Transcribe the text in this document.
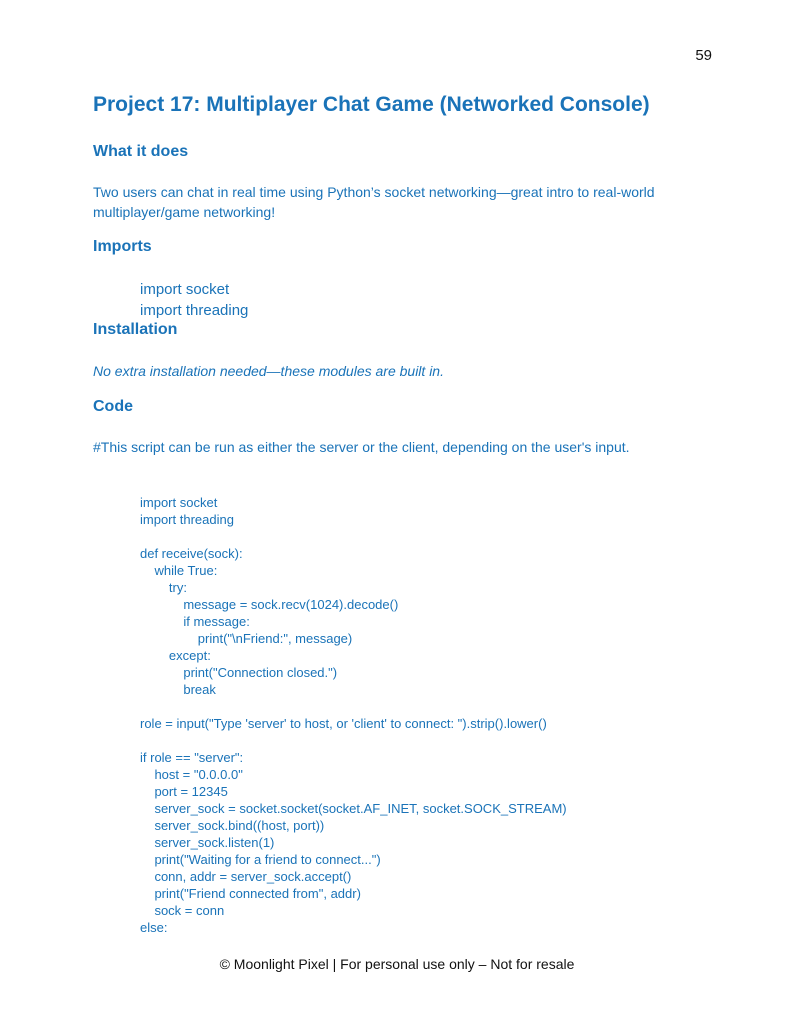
59
Project 17: Multiplayer Chat Game (Networked Console)
What it does

Two users can chat in real time using Python’s socket networking—great intro to real-world multiplayer/game networking!

Imports
import socket
import threading
Installation

No extra installation needed—these modules are built in.

Code

#This script can be run as either the server or the client, depending on the user's input.

import socket
import threading
def receive(sock):
while True:
try:
message = sock.recv(1024).decode()
if message:
print("\nFriend:", message)
except:
print("Connection closed.")
break
role = input("Type 'server' to host, or 'client' to connect: ").strip().lower()
if role == "server":
host = "0.0.0.0"
port = 12345
server_sock = socket.socket(socket.AF_INET, socket.SOCK_STREAM)
server_sock.bind((host, port))
server_sock.listen(1)
print("Waiting for a friend to connect...")
conn, addr = server_sock.accept()
print("Friend connected from", addr)
sock = conn
else:
© Moonlight Pixel | For personal use only – Not for resale
